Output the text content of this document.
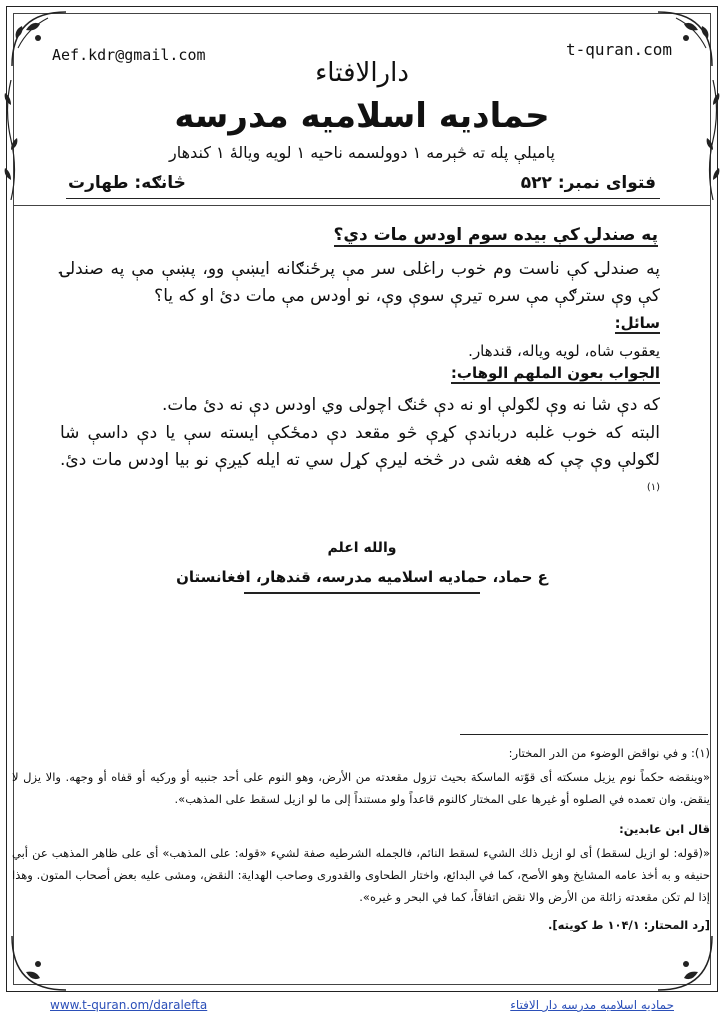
Aef.kdr@gmail.com	t-quran.com
دارالافتاء
حمادیه اسلامیه مدرسه
پاميلې پله ته څېرمه ۱ دوولسمه ناحيه ۱ لويه ويالهٔ ۱ کندهار
فتوای نمبر: ۵۲۲
څانګه: طهارت
په صندلۍ کې بيده سوم اودس مات دي؟
په صندلۍ کې ناست وم خوب راغلی سر مې پرځنګانه ايښې وو، پښې مې په صندلۍ کې وې سترګې مې سره تيرې سوې وې، نو اودس مې مات دئ او که يا؟
سائل:
يعقوب شاه، لويه وياله، قندهار.
الجواب بعون الملهم الوهاب:
که دې شا نه وې لګولې او نه دې ځنګ اچولی وي اودس دې نه دئ مات.
البته که خوب غلبه درباندې کړې څو مقعد دې دمځکې ايسته سې يا دې داسې شا لګولې وې چې که هغه شی در څخه ليرې کړل سي ته ايله کيږې نو بيا اودس مات دئ. $^{(۱)}$
والله اعلم
ع حماد، حمادیه اسلامیه مدرسه، قندهار، افغانستان
(۱): و في نواقض الوضوء من الدر المختار:
«وينقضه حكماً نوم يزيل مسكته أى قوّته الماسكة بحيث تزول مقعدته من الأرض، وهو النوم على أحد جنبيه أو وركيه أو قفاه أو وجهه. والا يزل لا ينقض. وان تعمده في الصلوه أو غيرها على المختار كالنوم قاعداً ولو مستنداً إلى ما لو ازيل لسقط على المذهب».
قال ابن عابدين:
«(قوله: لو ازيل لسقط) أى لو ازيل ذلك الشيء لسقط النائم، فالجمله الشرطيه صفة لشيء «قوله: على المذهب» أى على ظاهر المذهب عن أبي حنيفه و به أخذ عامه المشايخ وهو الأصح، كما في البدائع، واختار الطحاوى والقدورى وصاحب الهداية: النقض، ومشى عليه بعض أصحاب المتون. وهذا إذا لم تكن مقعدته زائلة من الأرض والا نقض اتفاقاً، كما في البحر و غيره».
[رد المحتار: ۱۰۴/۱ ط كويته].
www.t-quran.om/daralefta	حمادیه اسلامیه مدرسه دار الافتاء
